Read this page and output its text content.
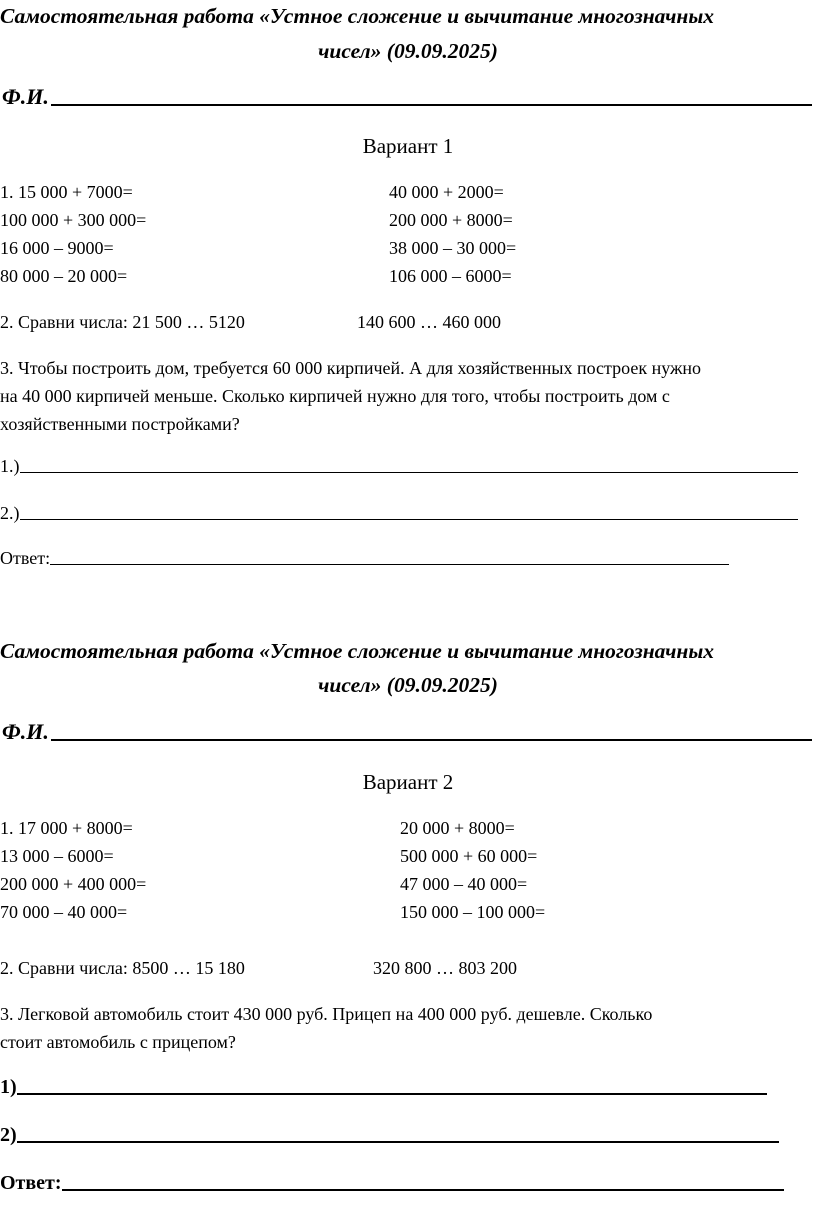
Самостоятельная работа «Устное сложение и вычитание многозначных
чисел» (09.09.2025)
Ф.И.
Вариант 1
1. 15 000 + 7000=
100 000 + 300 000=
16 000 – 9000=
80 000 – 20 000=
40 000 + 2000=
200 000 + 8000=
38 000 – 30 000=
106 000 – 6000=
2. Сравни числа: 21 500 … 5120	140 600 … 460 000
3. Чтобы построить дом, требуется 60 000 кирпичей. А для хозяйственных построек нужно
на 40 000 кирпичей меньше. Сколько кирпичей нужно для того, чтобы построить дом с
хозяйственными постройками?
1.)
2.)
Ответ:
Самостоятельная работа «Устное сложение и вычитание многозначных
чисел» (09.09.2025)
Ф.И.
Вариант 2
1. 17 000 + 8000=
13 000 – 6000=
200 000 + 400 000=
70 000 – 40 000=
20 000 + 8000=
500 000 + 60 000=
47 000 – 40 000=
150 000 – 100 000=
2. Сравни числа: 8500 … 15 180	320 800 … 803 200
3. Легковой автомобиль стоит 430 000 руб. Прицеп на 400 000 руб. дешевле. Сколько
стоит автомобиль с прицепом?
1)
2)
Ответ:
